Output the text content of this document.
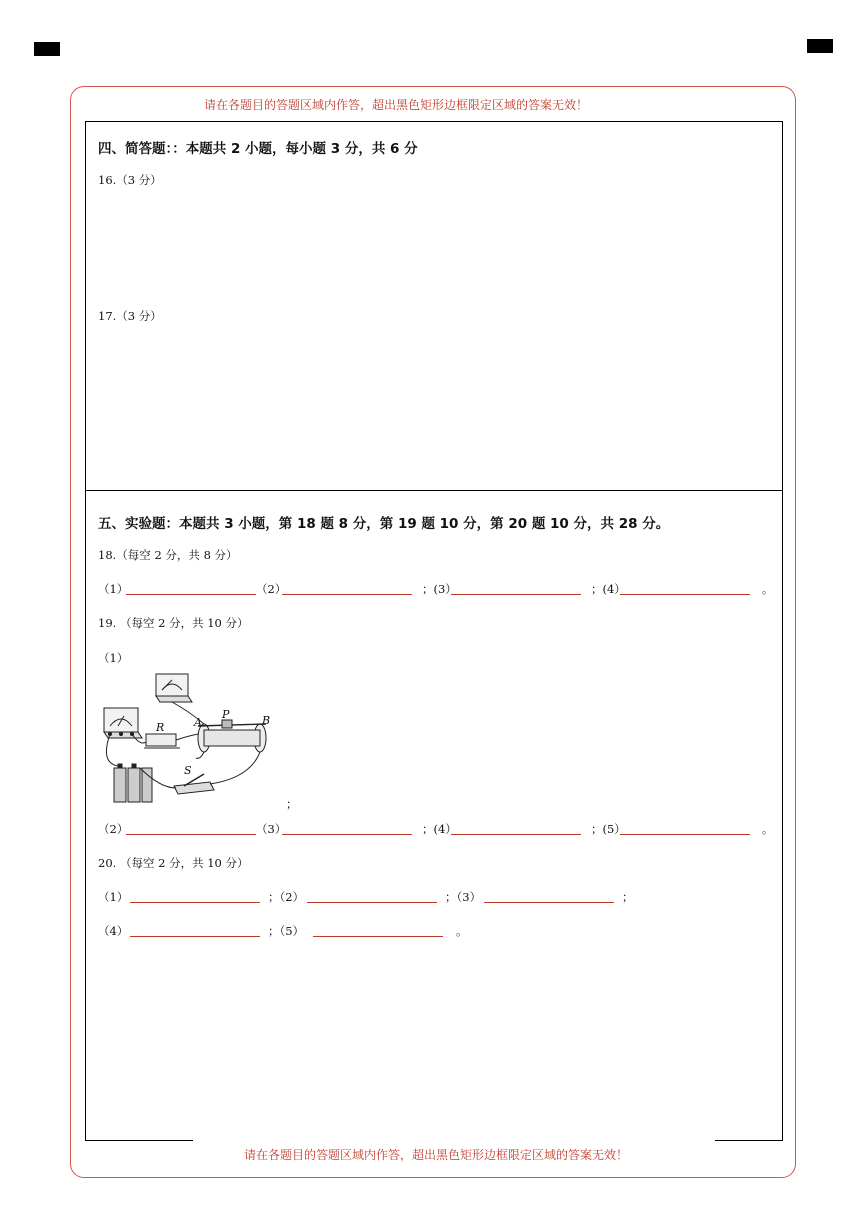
请在各题目的答题区域内作答，超出黑色矩形边框限定区域的答案无效！
请在各题目的答题区域内作答，超出黑色矩形边框限定区域的答案无效！
四、简答题：：本题共 2 小题，每小题 3 分，共 6 分
16.（3 分）
17.（3 分）
五、实验题：本题共 3 小题，第 18 题 8 分，第 19 题 10 分，第 20 题 10 分，共 28 分。
18.（每空 2 分，共 8 分）
（1）	（2）	；(3）	；(4）	。
19. （每空 2 分，共 10 分）
（1）
R
P
A	B
S
；
（2）	（3）	；(4）	；(5）	。
20. （每空 2 分，共 10 分）
（1）	；（2）	；（3）	；
（4）	；（5）	。
